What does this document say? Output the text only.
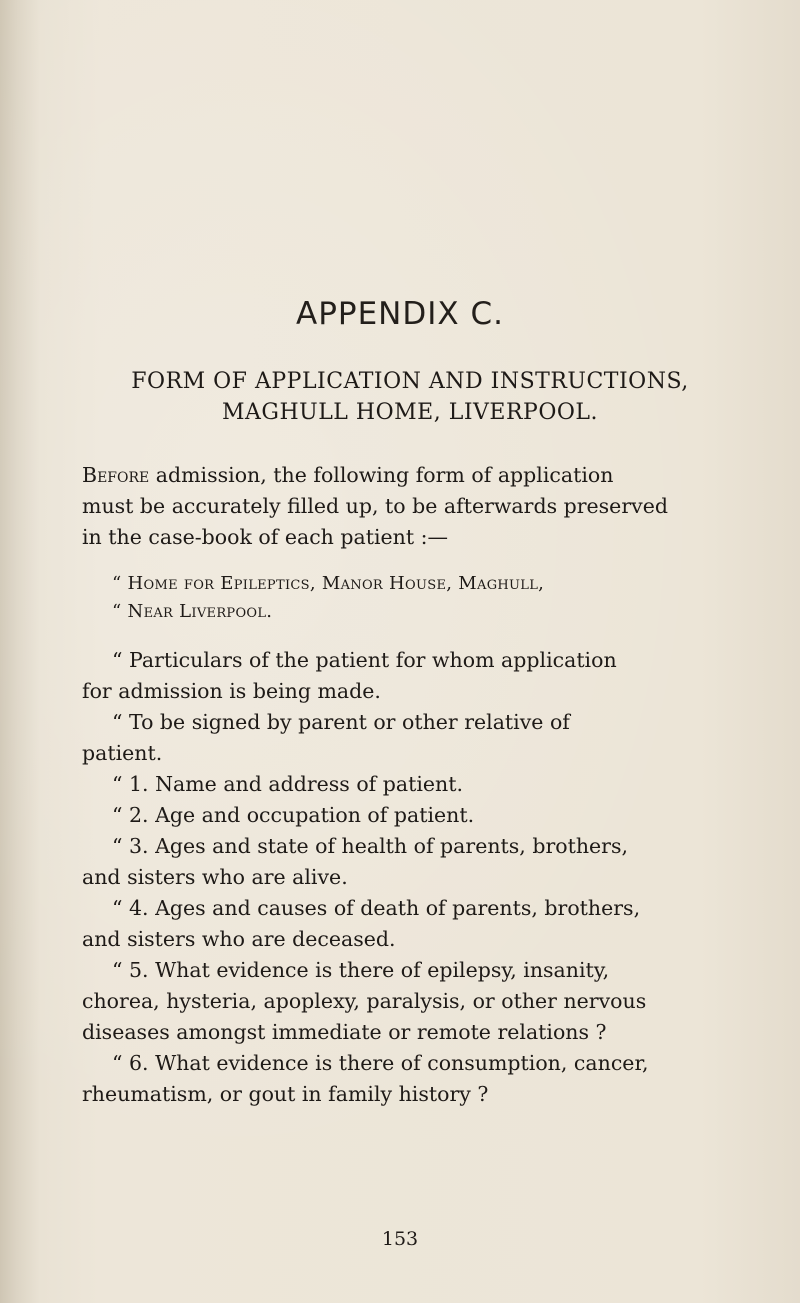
APPENDIX C.
FORM OF APPLICATION AND INSTRUCTIONS,
MAGHULL HOME, LIVERPOOL.
Before admission, the following form of application
must be accurately filled up, to be afterwards preserved
in the case-book of each patient :—
“ Home for Epileptics, Manor House, Maghull,
“ Near Liverpool.

“ Particulars of the patient for whom application
for admission is being made.

“ To be signed by parent or other relative of
patient.

“ 1. Name and address of patient.

“ 2. Age and occupation of patient.

“ 3. Ages and state of health of parents, brothers,
and sisters who are alive.

“ 4. Ages and causes of death of parents, brothers,
and sisters who are deceased.

“ 5. What evidence is there of epilepsy, insanity,
chorea, hysteria, apoplexy, paralysis, or other nervous
diseases amongst immediate or remote relations ?

“ 6. What evidence is there of consumption, cancer,
rheumatism, or gout in family history ?

153
